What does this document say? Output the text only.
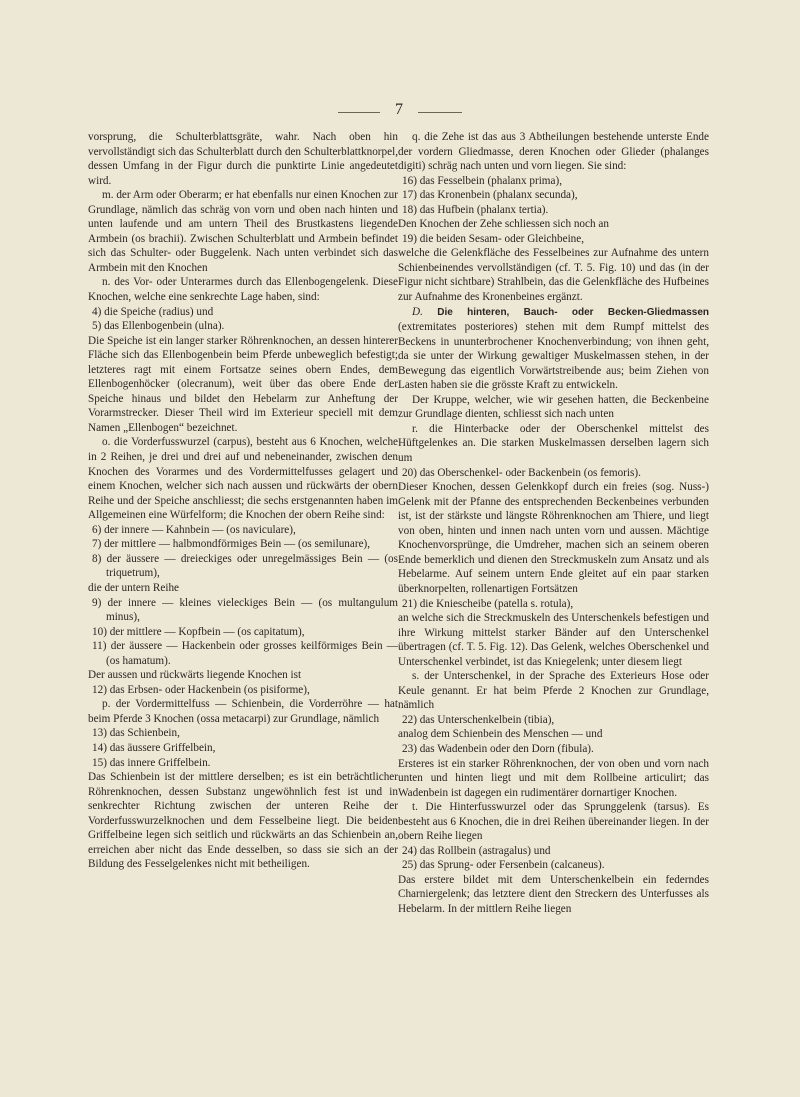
7

vorsprung, die Schulterblattsgräte, wahr. Nach oben hin vervollständigt sich das Schulterblatt durch den Schulterblattknorpel, dessen Umfang in der Figur durch die punktirte Linie angedeutet wird.

m. der Arm oder Oberarm; er hat ebenfalls nur einen Knochen zur Grundlage, nämlich das schräg von vorn und oben nach hinten und unten laufende und am untern Theil des Brustkastens liegende Armbein (os brachii). Zwischen Schulterblatt und Armbein befindet sich das Schulter- oder Buggelenk. Nach unten verbindet sich das Armbein mit den Knochen

n. des Vor- oder Unterarmes durch das Ellenbogengelenk. Diese Knochen, welche eine senkrechte Lage haben, sind:

4) die Speiche (radius) und

5) das Ellenbogenbein (ulna).

Die Speiche ist ein langer starker Röhrenknochen, an dessen hinterer Fläche sich das Ellenbogenbein beim Pferde unbeweglich befestigt; letzteres ragt mit einem Fortsatze seines obern Endes, dem Ellenbogenhöcker (olecranum), weit über das obere Ende der Speiche hinaus und bildet den Hebelarm zur Anheftung der Vorarmstrecker. Dieser Theil wird im Exterieur speciell mit dem Namen „Ellenbogen“ bezeichnet.

o. die Vorderfusswurzel (carpus), besteht aus 6 Knochen, welche in 2 Reihen, je drei und drei auf und nebeneinander, zwischen den Knochen des Vorarmes und des Vordermittelfusses gelagert und einem Knochen, welcher sich nach aussen und rückwärts der obern Reihe und der Speiche anschliesst; die sechs erstgenannten haben im Allgemeinen eine Würfelform; die Knochen der obern Reihe sind:

6) der innere — Kahnbein — (os naviculare),

7) der mittlere — halbmondförmiges Bein — (os semilunare),

8) der äussere — dreieckiges oder unregelmässiges Bein — (os triquetrum),

die der untern Reihe

9) der innere — kleines vieleckiges Bein — (os multangulum minus),

10) der mittlere — Kopfbein — (os capitatum),

11) der äussere — Hackenbein oder grosses keilförmiges Bein — (os hamatum).

Der aussen und rückwärts liegende Knochen ist

12) das Erbsen- oder Hackenbein (os pisiforme),

p. der Vordermittelfuss — Schienbein, die Vorderröhre — hat beim Pferde 3 Knochen (ossa metacarpi) zur Grundlage, nämlich

13) das Schienbein,

14) das äussere Griffelbein,

15) das innere Griffelbein.

Das Schienbein ist der mittlere derselben; es ist ein beträchtlicher Röhrenknochen, dessen Substanz ungewöhnlich fest ist und in senkrechter Richtung zwischen der unteren Reihe der Vorderfusswurzelknochen und dem Fesselbeine liegt. Die beiden Griffelbeine legen sich seitlich und rückwärts an das Schienbein an, erreichen aber nicht das Ende desselben, so dass sie sich an der Bildung des Fesselgelenkes nicht mit betheiligen.

q. die Zehe ist das aus 3 Abtheilungen bestehende unterste Ende der vordern Gliedmasse, deren Knochen oder Glieder (phalanges digiti) schräg nach unten und vorn liegen. Sie sind:

16) das Fesselbein (phalanx prima),

17) das Kronenbein (phalanx secunda),

18) das Hufbein (phalanx tertia).

Den Knochen der Zehe schliessen sich noch an

19) die beiden Sesam- oder Gleichbeine,

welche die Gelenkfläche des Fesselbeines zur Aufnahme des untern Schienbeinendes vervollständigen (cf. T. 5. Fig. 10) und das (in der Figur nicht sichtbare) Strahlbein, das die Gelenkfläche des Hufbeines zur Aufnahme des Kronenbeines ergänzt.

D. Die hinteren, Bauch- oder Becken-Gliedmassen (extremitates posteriores) stehen mit dem Rumpf mittelst des Beckens in ununterbrochener Knochenverbindung; von ihnen geht, da sie unter der Wirkung gewaltiger Muskelmassen stehen, in der Bewegung das eigentlich Vorwärtstreibende aus; beim Ziehen von Lasten haben sie die grösste Kraft zu entwickeln.

Der Kruppe, welcher, wie wir gesehen hatten, die Beckenbeine zur Grundlage dienten, schliesst sich nach unten

r. die Hinterbacke oder der Oberschenkel mittelst des Hüftgelenkes an. Die starken Muskelmassen derselben lagern sich um

20) das Oberschenkel- oder Backenbein (os femoris).

Dieser Knochen, dessen Gelenkkopf durch ein freies (sog. Nuss-) Gelenk mit der Pfanne des entsprechenden Beckenbeines verbunden ist, ist der stärkste und längste Röhrenknochen am Thiere, und liegt von oben, hinten und innen nach unten vorn und aussen. Mächtige Knochenvorsprünge, die Umdreher, machen sich an seinem oberen Ende bemerklich und dienen den Streckmuskeln zum Ansatz und als Hebelarme. Auf seinem untern Ende gleitet auf ein paar starken überknorpelten, rollenartigen Fortsätzen

21) die Kniescheibe (patella s. rotula),

an welche sich die Streckmuskeln des Unterschenkels befestigen und ihre Wirkung mittelst starker Bänder auf den Unterschenkel übertragen (cf. T. 5. Fig. 12). Das Gelenk, welches Oberschenkel und Unterschenkel verbindet, ist das Kniegelenk; unter diesem liegt

s. der Unterschenkel, in der Sprache des Exterieurs Hose oder Keule genannt. Er hat beim Pferde 2 Knochen zur Grundlage, nämlich

22) das Unterschenkelbein (tibia),

analog dem Schienbein des Menschen — und

23) das Wadenbein oder den Dorn (fibula).

Ersteres ist ein starker Röhrenknochen, der von oben und vorn nach unten und hinten liegt und mit dem Rollbeine articulirt; das Wadenbein ist dagegen ein rudimentärer dornartiger Knochen.

t. Die Hinterfusswurzel oder das Sprunggelenk (tarsus). Es besteht aus 6 Knochen, die in drei Reihen übereinander liegen. In der obern Reihe liegen

24) das Rollbein (astragalus) und

25) das Sprung- oder Fersenbein (calcaneus).

Das erstere bildet mit dem Unterschenkelbein ein federndes Charniergelenk; das letztere dient den Streckern des Unterfusses als Hebelarm. In der mittlern Reihe liegen
